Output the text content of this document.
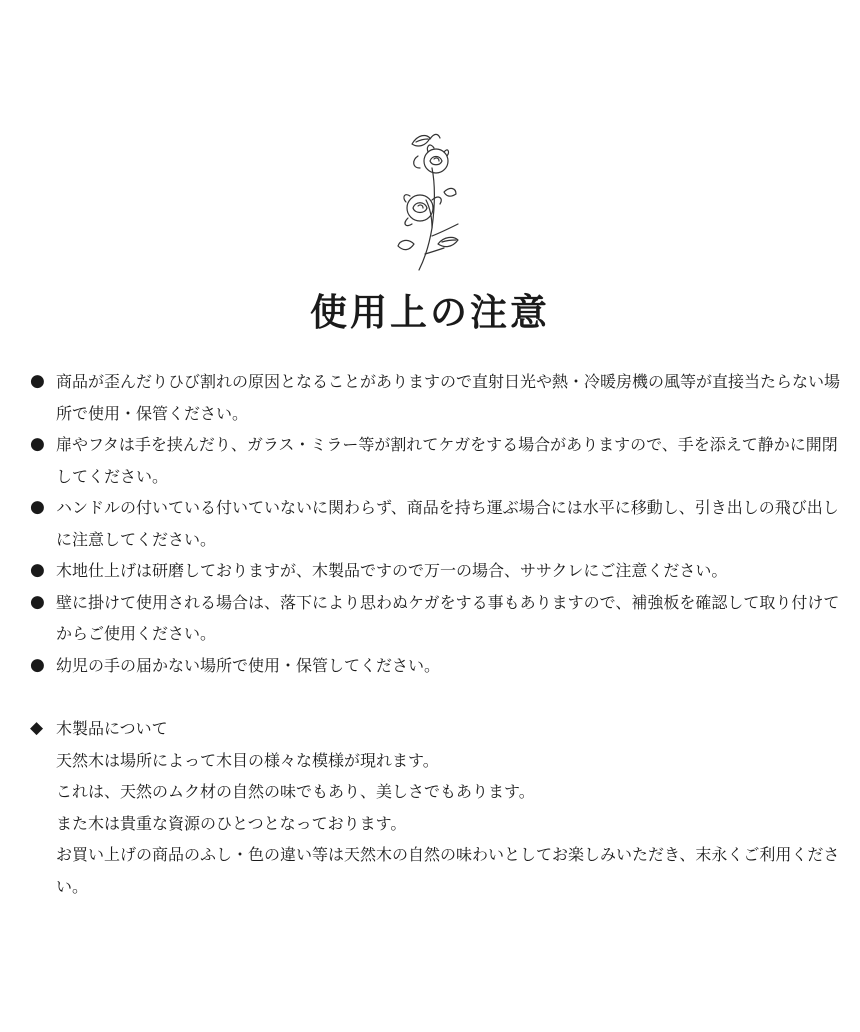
使用上の注意
● 商品が歪んだりひび割れの原因となることがありますので直射日光や熱・冷暖房機の風等が直接当たらない場所で使用・保管ください。
● 扉やフタは手を挟んだり、ガラス・ミラー等が割れてケガをする場合がありますので、手を添えて静かに開閉してください。
● ハンドルの付いている付いていないに関わらず、商品を持ち運ぶ場合には水平に移動し、引き出しの飛び出しに注意してください。
● 木地仕上げは研磨しておりますが、木製品ですので万一の場合、ササクレにご注意ください。
● 壁に掛けて使用される場合は、落下により思わぬケガをする事もありますので、補強板を確認して取り付けてからご使用ください。
● 幼児の手の届かない場所で使用・保管してください。
◆ 木製品について

天然木は場所によって木目の様々な模様が現れます。

これは、天然のムク材の自然の味でもあり、美しさでもあります。

また木は貴重な資源のひとつとなっております。

お買い上げの商品のふし・色の違い等は天然木の自然の味わいとしてお楽しみいただき、末永くご利用ください。
